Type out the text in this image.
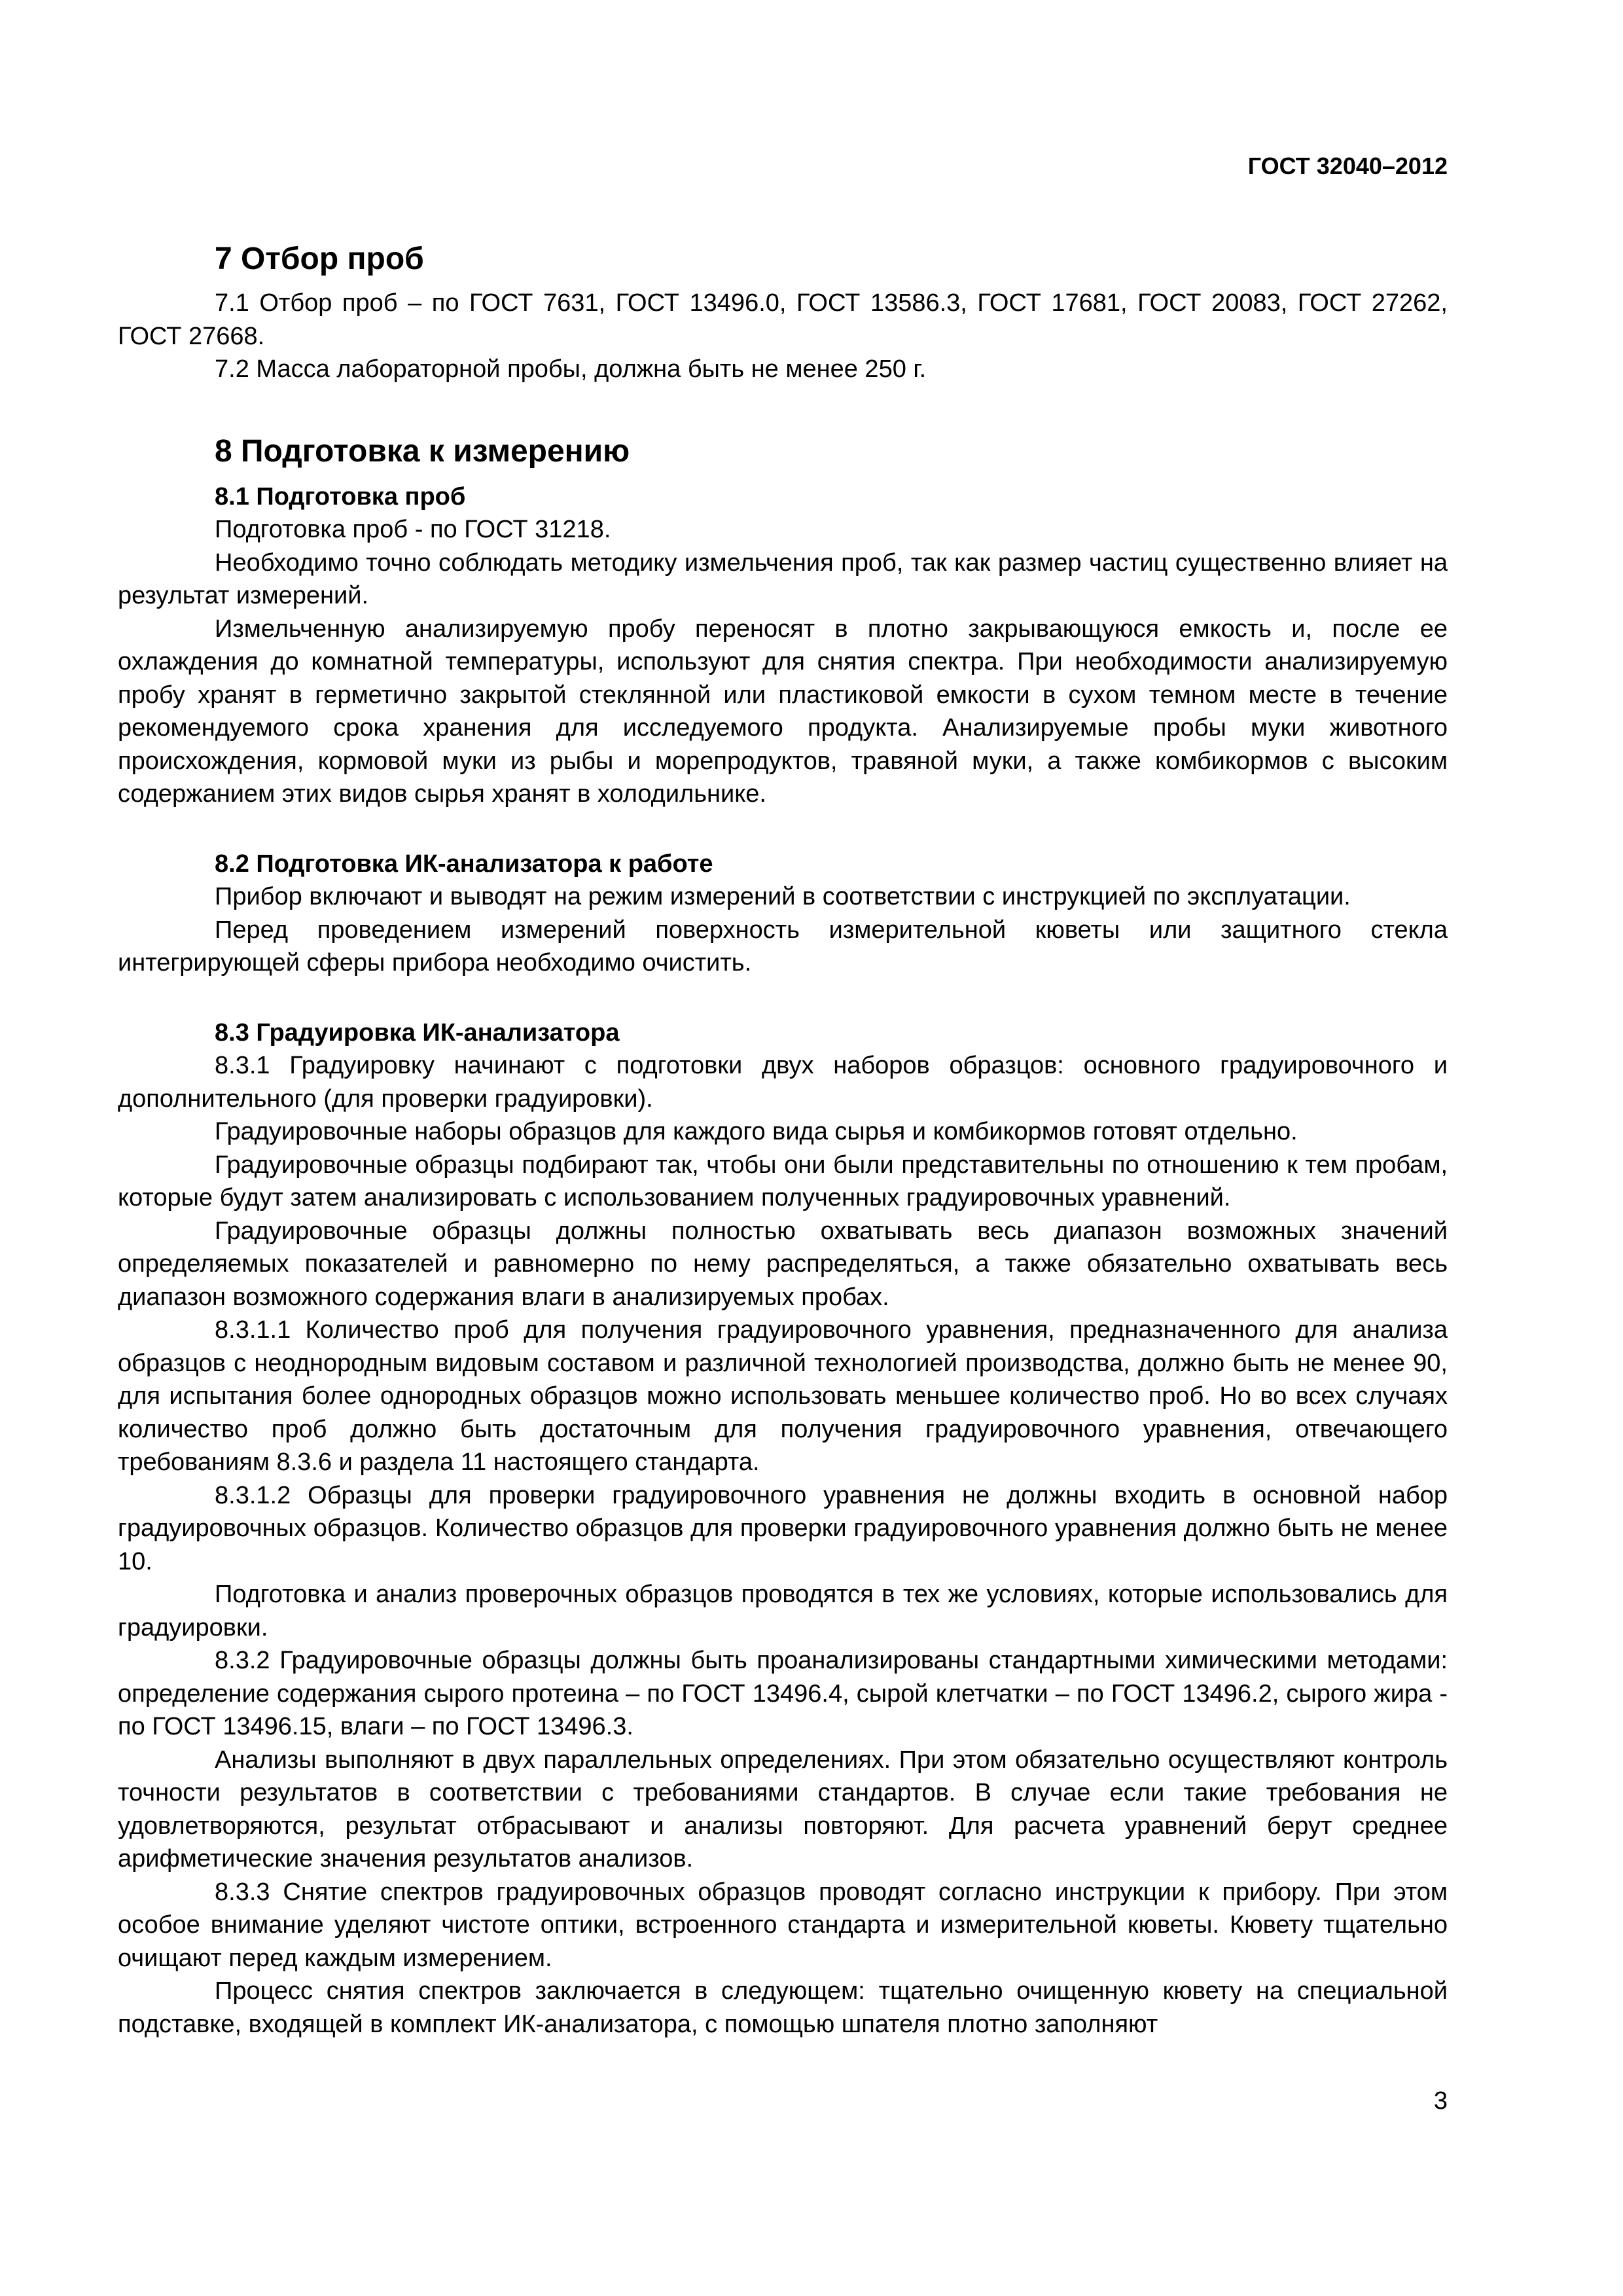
ГОСТ 32040–2012
7 Отбор проб

7.1 Отбор проб – по ГОСТ 7631, ГОСТ 13496.0, ГОСТ 13586.3, ГОСТ 17681, ГОСТ 20083, ГОСТ 27262, ГОСТ 27668.

7.2 Масса лабораторной пробы, должна быть не менее 250 г.

8 Подготовка к измерению
8.1 Подготовка проб

Подготовка проб - по ГОСТ 31218.

Необходимо точно соблюдать методику измельчения проб, так как размер частиц существенно влияет на результат измерений.

Измельченную анализируемую пробу переносят в плотно закрывающуюся емкость и, после ее охлаждения до комнатной температуры, используют для снятия спектра. При необходимости анализируемую пробу хранят в герметично закрытой стеклянной или пластиковой емкости в сухом темном месте в течение рекомендуемого срока хранения для исследуемого продукта. Анализируемые пробы муки животного происхождения, кормовой муки из рыбы и морепродуктов, травяной муки, а также комбикормов с высоким содержанием этих видов сырья хранят в холодильнике.

8.2 Подготовка ИК-анализатора к работе

Прибор включают и выводят на режим измерений в соответствии с инструкцией по эксплуатации.

Перед проведением измерений поверхность измерительной кюветы или защитного стекла интегрирующей сферы прибора необходимо очистить.

8.3 Градуировка ИК-анализатора

8.3.1 Градуировку начинают с подготовки двух наборов образцов: основного градуировочного и дополнительного (для проверки градуировки).

Градуировочные наборы образцов для каждого вида сырья и комбикормов готовят отдельно.

Градуировочные образцы подбирают так, чтобы они были представительны по отношению к тем пробам, которые будут затем анализировать с использованием полученных градуировочных уравнений.

Градуировочные образцы должны полностью охватывать весь диапазон возможных значений определяемых показателей и равномерно по нему распределяться, а также обязательно охватывать весь диапазон возможного содержания влаги в анализируемых пробах.

8.3.1.1 Количество проб для получения градуировочного уравнения, предназначенного для анализа образцов с неоднородным видовым составом и различной технологией производства, должно быть не менее 90, для испытания более однородных образцов можно использовать меньшее количество проб. Но во всех случаях количество проб должно быть достаточным для получения градуировочного уравнения, отвечающего требованиям 8.3.6 и раздела 11 настоящего стандарта.

8.3.1.2 Образцы для проверки градуировочного уравнения не должны входить в основной набор градуировочных образцов. Количество образцов для проверки градуировочного уравнения должно быть не менее 10.

Подготовка и анализ проверочных образцов проводятся в тех же условиях, которые использовались для градуировки.

8.3.2 Градуировочные образцы должны быть проанализированы стандартными химическими методами: определение содержания сырого протеина – по ГОСТ 13496.4, сырой клетчатки – по ГОСТ 13496.2, сырого жира - по ГОСТ 13496.15, влаги – по ГОСТ 13496.3.

Анализы выполняют в двух параллельных определениях. При этом обязательно осуществляют контроль точности результатов в соответствии с требованиями стандартов. В случае если такие требования не удовлетворяются, результат отбрасывают и анализы повторяют. Для расчета уравнений берут среднее арифметические значения результатов анализов.

8.3.3 Снятие спектров градуировочных образцов проводят согласно инструкции к прибору. При этом особое внимание уделяют чистоте оптики, встроенного стандарта и измерительной кюветы. Кювету тщательно очищают перед каждым измерением.

Процесс снятия спектров заключается в следующем: тщательно очищенную кювету на специальной подставке, входящей в комплект ИК-анализатора, с помощью шпателя плотно заполняют

3
